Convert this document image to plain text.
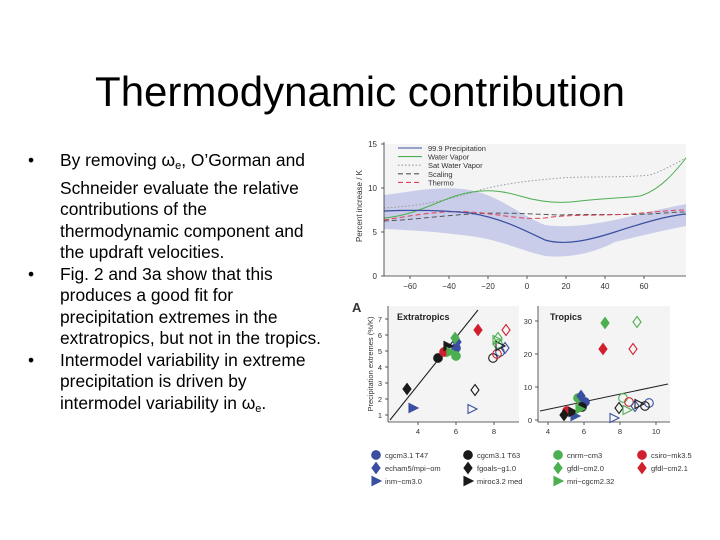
Thermodynamic contribution
• By removing $\omega_e$, O’Gorman and Schneider evaluate the relative contributions of the thermodynamic component and the updraft velocities.
• Fig. 2 and 3a show that this produces a good fit for precipitation extremes in the extratropics, but not in the tropics.
• Intermodel variability in extreme precipitation is driven by intermodel variability in $\omega_e$.
0
5
10
15
−60	−40	−20	0	20	40	60
Percent increase / K
99.9 Precipitation
Water Vapor
Sat Water Vapor
Scaling
Thermo
A
Extratropics
1
2
3
4
5
6
7
4	6	8
Precipitation extremes (%/K)	Tropics
0
10
20
30
4	6	8	10
cgcm3.1 T47	cgcm3.1 T63	cnrm−cm3	csiro−mk3.5
echam5/mpi−om	fgoals−g1.0	gfdl−cm2.0	gfdl−cm2.1
inm−cm3.0	miroc3.2 med	mri−cgcm2.32
